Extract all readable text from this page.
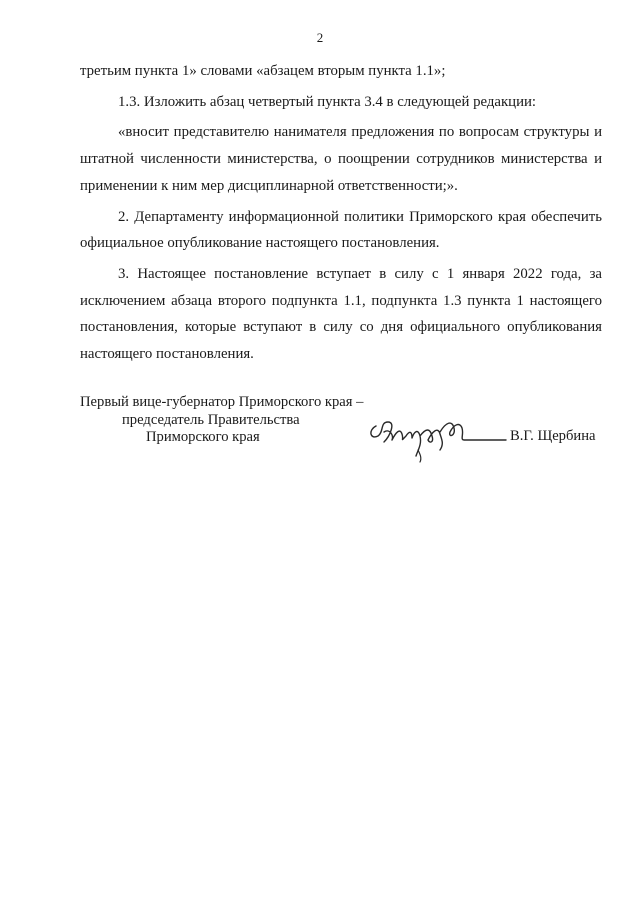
2

третьим пункта 1» словами «абзацем вторым пункта 1.1»;

1.3. Изложить абзац четвертый пункта 3.4 в следующей редакции:

«вносит представителю нанимателя предложения по вопросам структуры и штатной численности министерства, о поощрении сотрудников министерства и применении к ним мер дисциплинарной ответственности;».

2. Департаменту информационной политики Приморского края обеспечить официальное опубликование настоящего постановления.

3. Настоящее постановление вступает в силу с 1 января 2022 года, за исключением абзаца второго подпункта 1.1, подпункта 1.3 пункта 1 настоящего постановления, которые вступают в силу со дня официального опубликования настоящего постановления.

Первый вице-губернатор Приморского края –
председатель Правительства
Приморского края	В.Г. Щербина
